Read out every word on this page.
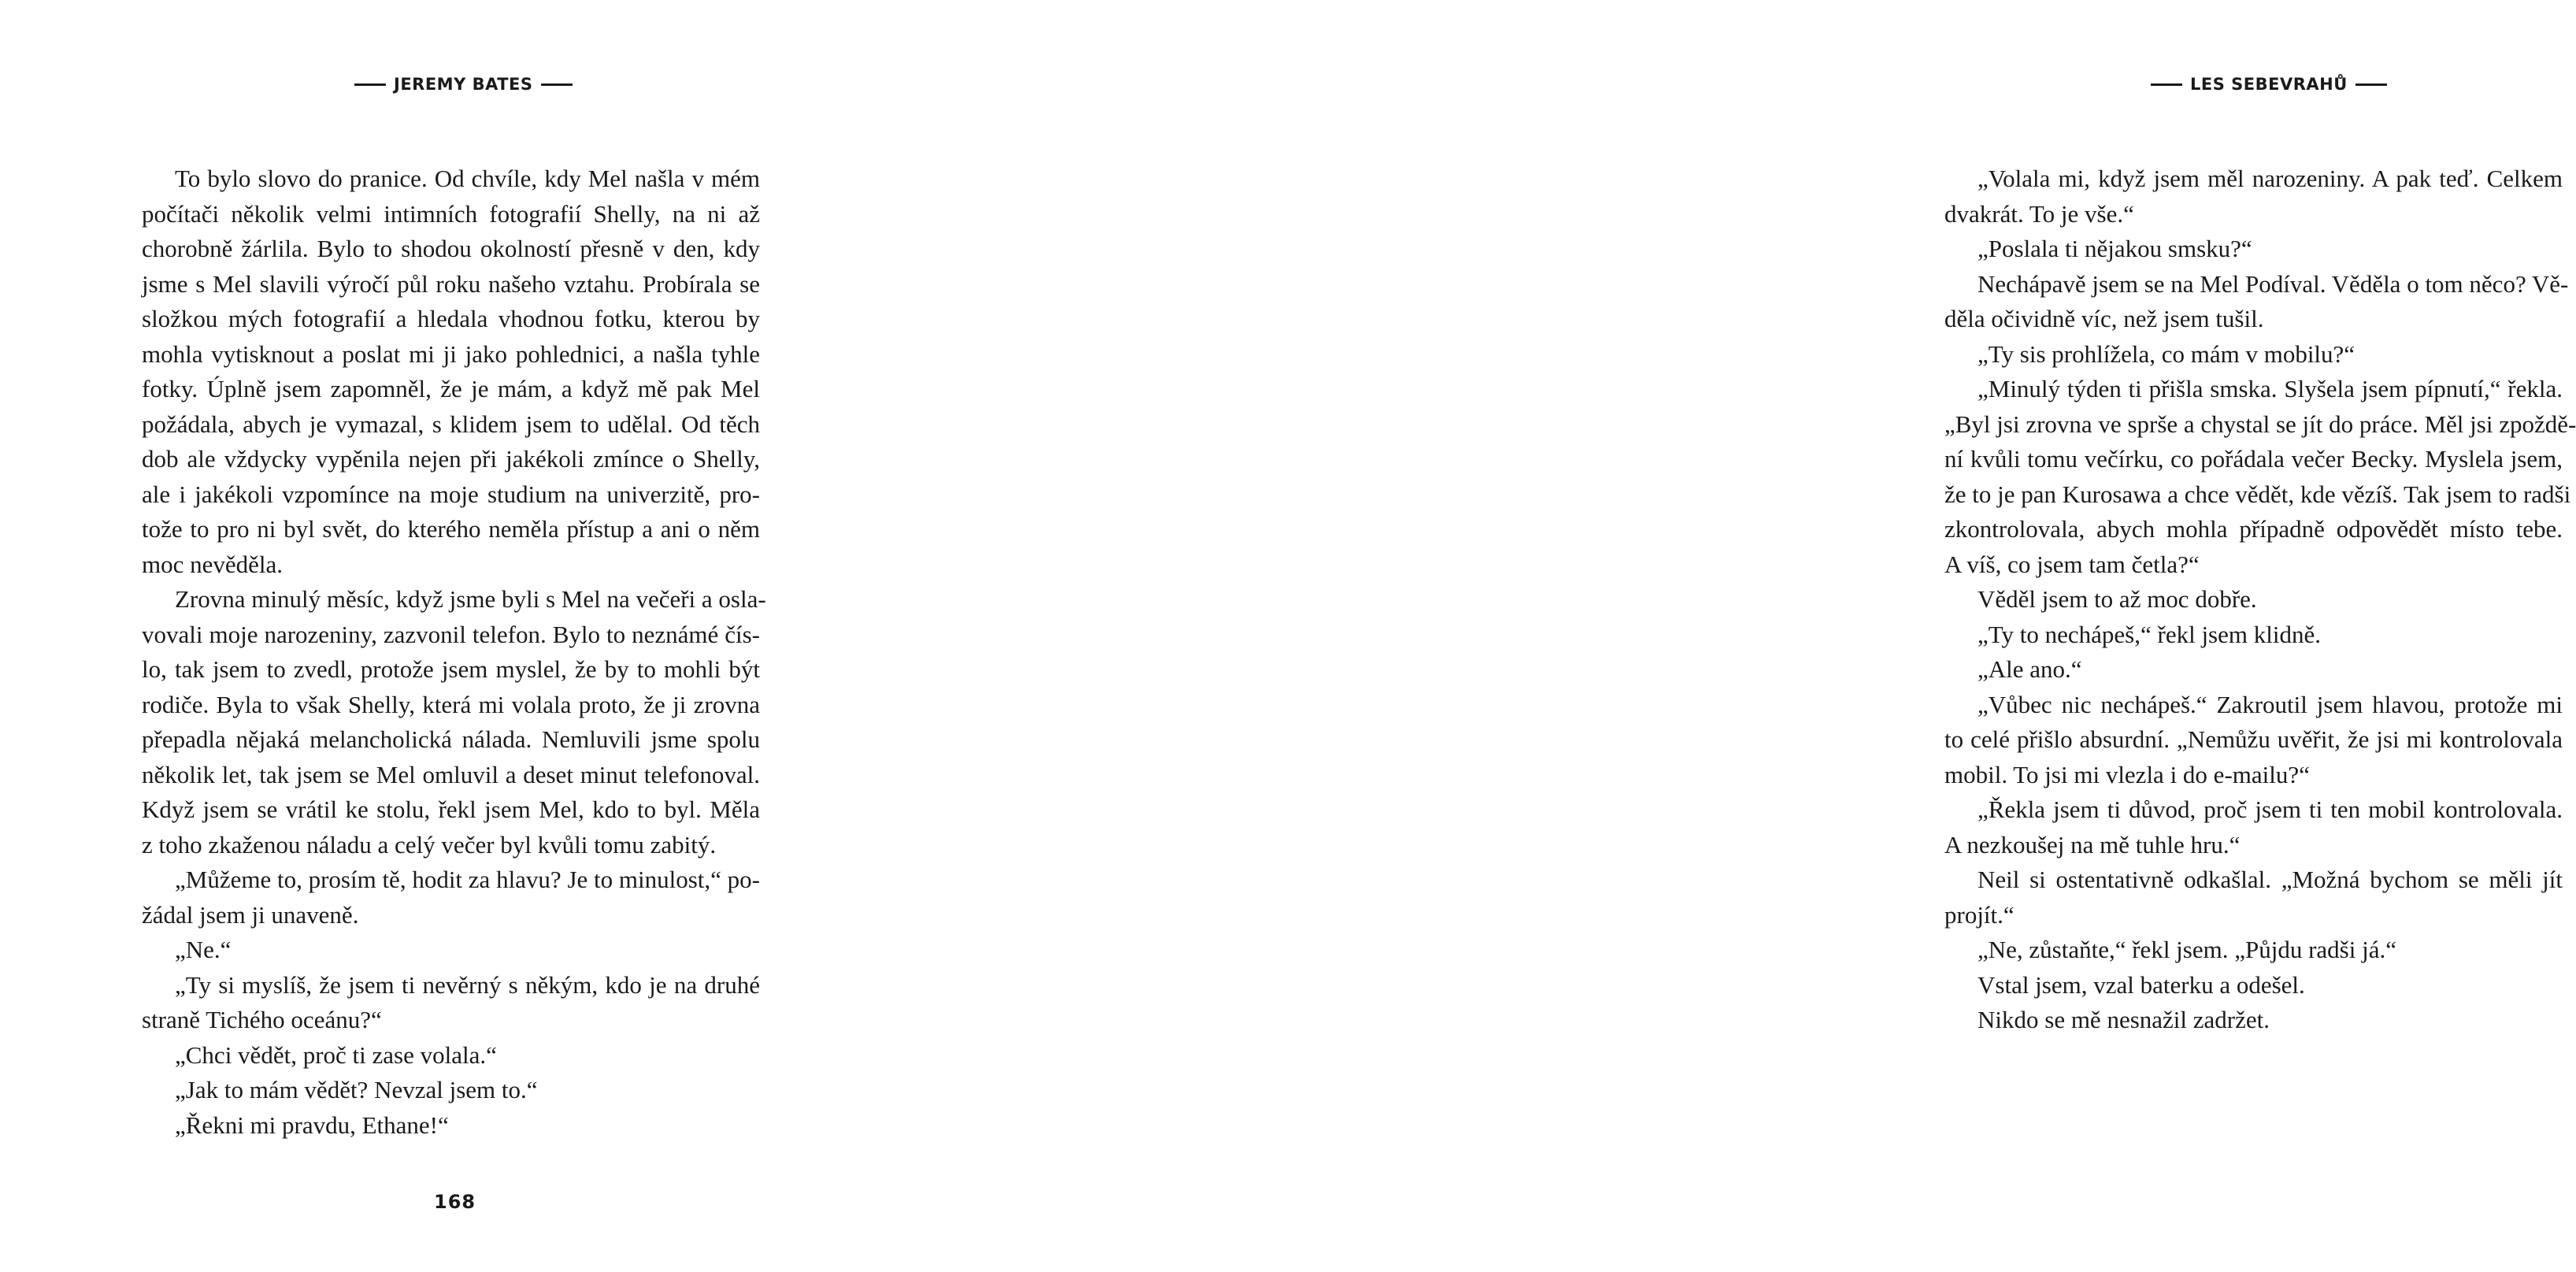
JEREMY BATES
To bylo slovo do pranice. Od chvíle, kdy Mel našla v mém
počítači několik velmi intimních fotografií Shelly, na ni až
chorobně žárlila. Bylo to shodou okolností přesně v den, kdy
jsme s Mel slavili výročí půl roku našeho vztahu. Probírala se
složkou mých fotografií a hledala vhodnou fotku, kterou by
mohla vytisknout a poslat mi ji jako pohlednici, a našla tyhle
fotky. Úplně jsem zapomněl, že je mám, a když mě pak Mel
požádala, abych je vymazal, s klidem jsem to udělal. Od těch
dob ale vždycky vypěnila nejen při jakékoli zmínce o Shelly,
ale i jakékoli vzpomínce na moje studium na univerzitě, pro-
tože to pro ni byl svět, do kterého neměla přístup a ani o něm
moc nevěděla.
Zrovna minulý měsíc, když jsme byli s Mel na večeři a osla-
vovali moje narozeniny, zazvonil telefon. Bylo to neznámé čís-
lo, tak jsem to zvedl, protože jsem myslel, že by to mohli být
rodiče. Byla to však Shelly, která mi volala proto, že ji zrovna
přepadla nějaká melancholická nálada. Nemluvili jsme spolu
několik let, tak jsem se Mel omluvil a deset minut telefonoval.
Když jsem se vrátil ke stolu, řekl jsem Mel, kdo to byl. Měla
z toho zkaženou náladu a celý večer byl kvůli tomu zabitý.
„Můžeme to, prosím tě, hodit za hlavu? Je to minulost,“ po-
žádal jsem ji unaveně.
„Ne.“
„Ty si myslíš, že jsem ti nevěrný s někým, kdo je na druhé
straně Tichého oceánu?“
„Chci vědět, proč ti zase volala.“
„Jak to mám vědět? Nevzal jsem to.“
„Řekni mi pravdu, Ethane!“
168
LES SEBEVRAHŮ
„Volala mi, když jsem měl narozeniny. A pak teď. Celkem
dvakrát. To je vše.“
„Poslala ti nějakou smsku?“
Nechápavě jsem se na Mel Podíval. Věděla o tom něco? Vě-
děla očividně víc, než jsem tušil.
„Ty sis prohlížela, co mám v mobilu?“
„Minulý týden ti přišla smska. Slyšela jsem pípnutí,“ řekla.
„Byl jsi zrovna ve sprše a chystal se jít do práce. Měl jsi zpoždě-
ní kvůli tomu večírku, co pořádala večer Becky. Myslela jsem,
že to je pan Kurosawa a chce vědět, kde vězíš. Tak jsem to radši
zkontrolovala, abych mohla případně odpovědět místo tebe.
A víš, co jsem tam četla?“
Věděl jsem to až moc dobře.
„Ty to nechápeš,“ řekl jsem klidně.
„Ale ano.“
„Vůbec nic nechápeš.“ Zakroutil jsem hlavou, protože mi
to celé přišlo absurdní. „Nemůžu uvěřit, že jsi mi kontrolovala
mobil. To jsi mi vlezla i do e-mailu?“
„Řekla jsem ti důvod, proč jsem ti ten mobil kontrolovala.
A nezkoušej na mě tuhle hru.“
Neil si ostentativně odkašlal. „Možná bychom se měli jít
projít.“
„Ne, zůstaňte,“ řekl jsem. „Půjdu radši já.“
Vstal jsem, vzal baterku a odešel.
Nikdo se mě nesnažil zadržet.
